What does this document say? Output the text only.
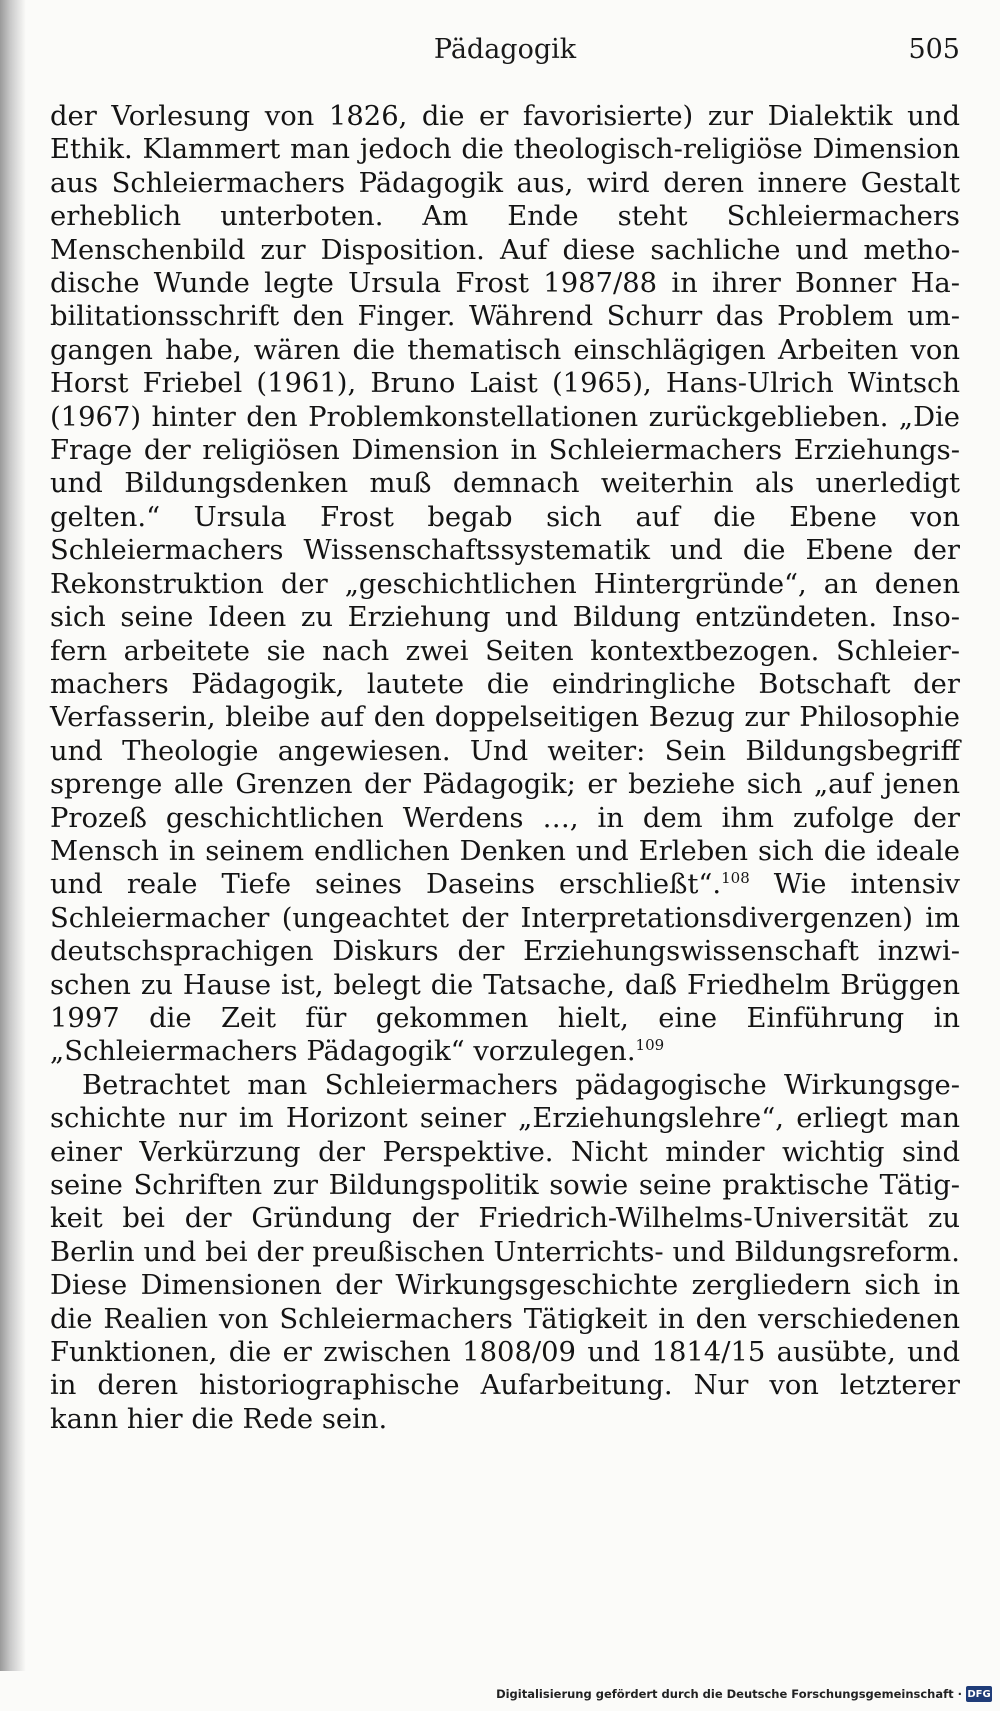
Pädagogik	505

der Vorlesung von 1826, die er favorisierte) zur Dialektik und Ethik. Klammert man jedoch die theologisch-religiöse Dimension aus Schleiermachers Pädagogik aus, wird deren innere Gestalt erheblich unterboten. Am Ende steht Schleiermachers Menschenbild zur Disposition. Auf diese sachliche und methodische Wunde legte Ursula Frost 1987/88 in ihrer Bonner Habilitationsschrift den Finger. Während Schurr das Problem umgangen habe, wären die thematisch einschlägigen Arbeiten von Horst Friebel (1961), Bruno Laist (1965), Hans-Ulrich Wintsch (1967) hinter den Problemkonstellationen zurückgeblieben. „Die Frage der religiösen Dimension in Schleiermachers Erziehungs- und Bildungsdenken muß demnach weiterhin als unerledigt gelten.“ Ursula Frost begab sich auf die Ebene von Schleiermachers Wissenschaftssystematik und die Ebene der Rekonstruktion der „geschichtlichen Hintergründe“, an denen sich seine Ideen zu Erziehung und Bildung entzündeten. Insofern arbeitete sie nach zwei Seiten kontextbezogen. Schleiermachers Pädagogik, lautete die eindringliche Botschaft der Verfasserin, bleibe auf den doppelseitigen Bezug zur Philosophie und Theologie angewiesen. Und weiter: Sein Bildungsbegriff sprenge alle Grenzen der Pädagogik; er beziehe sich „auf jenen Prozeß geschichtlichen Werdens …, in dem ihm zufolge der Mensch in seinem endlichen Denken und Erleben sich die ideale und reale Tiefe seines Daseins erschließt“.$^{108}$ Wie intensiv Schleiermacher (ungeachtet der Interpretationsdivergenzen) im deutschsprachigen Diskurs der Erziehungswissenschaft inzwischen zu Hause ist, belegt die Tatsache, daß Friedhelm Brüggen 1997 die Zeit für gekommen hielt, eine Einführung in „Schleiermachers Pädagogik“ vorzulegen.$^{109}$

Betrachtet man Schleiermachers pädagogische Wirkungsgeschichte nur im Horizont seiner „Erziehungslehre“, erliegt man einer Verkürzung der Perspektive. Nicht minder wichtig sind seine Schriften zur Bildungspolitik sowie seine praktische Tätigkeit bei der Gründung der Friedrich-Wilhelms-Universität zu Berlin und bei der preußischen Unterrichts- und Bildungsreform. Diese Dimensionen der Wirkungsgeschichte zergliedern sich in die Realien von Schleiermachers Tätigkeit in den verschiedenen Funktionen, die er zwischen 1808/09 und 1814/15 ausübte, und in deren historiographische Aufarbeitung. Nur von letzterer kann hier die Rede sein.

Digitalisierung gefördert durch die Deutsche Forschungsgemeinschaft · DFG
